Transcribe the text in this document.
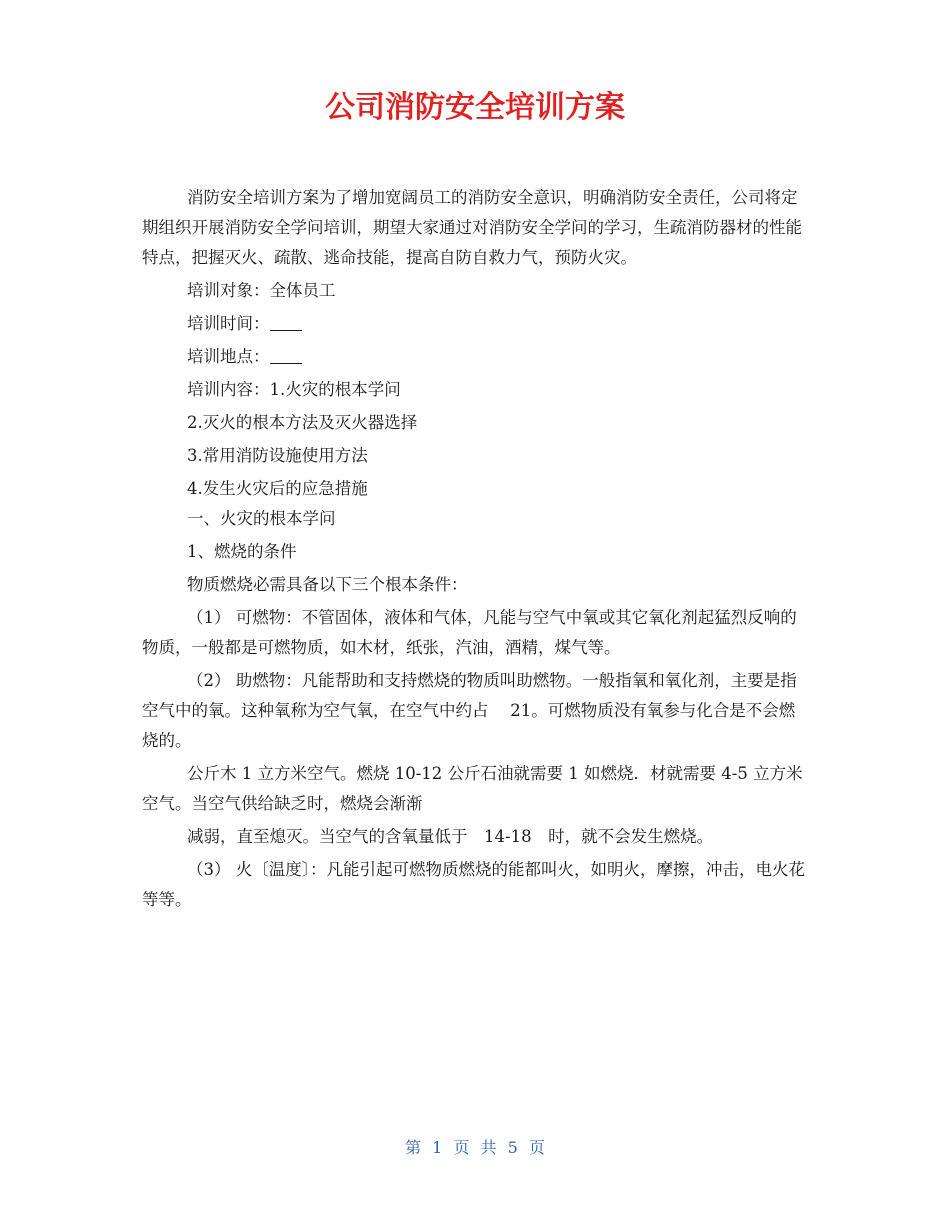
公司消防安全培训方案

消防安全培训方案为了增加宽阔员工的消防安全意识，明确消防安全责任，公司将定期组织开展消防安全学问培训，期望大家通过对消防安全学问的学习，生疏消防器材的性能特点，把握灭火、疏散、逃命技能，提高自防自救力气，预防火灾。

培训对象：全体员工

培训时间：

培训地点：

培训内容：1.火灾的根本学问

2.灭火的根本方法及灭火器选择

3.常用消防设施使用方法

4.发生火灾后的应急措施

一、火灾的根本学问

1、燃烧的条件

物质燃烧必需具备以下三个根本条件：

（1） 可燃物：不管固体，液体和气体，凡能与空气中氧或其它氧化剂起猛烈反响的物质，一般都是可燃物质，如木材，纸张，汽油，酒精，煤气等。

（2） 助燃物：凡能帮助和支持燃烧的物质叫助燃物。一般指氧和氧化剂，主要是指空气中的氧。这种氧称为空气氧，在空气中约占　 21。可燃物质没有氧参与化合是不会燃烧的。

公斤木 1 立方米空气。燃烧 10-12 公斤石油就需要 1 如燃烧．材就需要 4-5 立方米空气。当空气供给缺乏时，燃烧会渐渐

减弱，直至熄灭。当空气的含氧量低于　14-18　时，就不会发生燃烧。

（3） 火〔温度〕：凡能引起可燃物质燃烧的能都叫火，如明火，摩擦，冲击，电火花等等。

第 1 页 共 5 页
